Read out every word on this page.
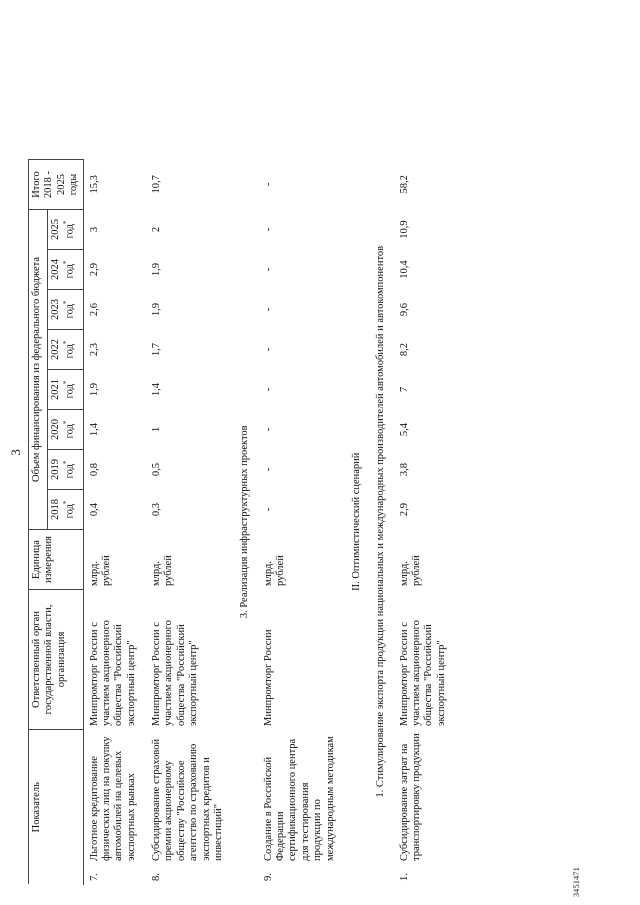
3
Показатель		Ответственный орган государственной власти, организация	Единица измерения	Объем финансирования из федерального бюджета								Итого 2018 - 2025 годы
				2018 год*	2019 год*	2020 год*	2021 год*	2022 год*	2023 год*	2024 год*	2025 год*
7.	Льготное кредитование физических лиц на покупку автомобилей на целевых экспортных рынках	Минпромторг России с участием акционерного общества "Российский экспортный центр"	млрд. рублей	0,4	0,8	1,4	1,9	2,3	2,6	2,9	3	15,3
8.	Субсидирование страховой премии акционерному обществу "Российское агентство по страхованию экспортных кредитов и инвестиций"	Минпромторг России с участием акционерного общества "Российский экспортный центр"	млрд. рублей	0,3	0,5	1	1,4	1,7	1,9	1,9	2	10,7
3. Реализация инфраструктурных проектов												
9.	Создание в Российской Федерации сертификационного центра для тестирования продукции по международным методикам	Минпромторг России	млрд. рублей	-	-	-	-	-	-	-	-	-
II. Оптимистический сценарий												
1. Стимулирование экспорта продукции национальных и международных производителей автомобилей и автокомпонентов												
1.	Субсидирование затрат на транспортировку продукции	Минпромторг России с участием акционерного общества "Российский экспортный центр"	млрд. рублей	2,9	3,8	5,4	7	8,2	9,6	10,4	10,9	58,2
3451471
